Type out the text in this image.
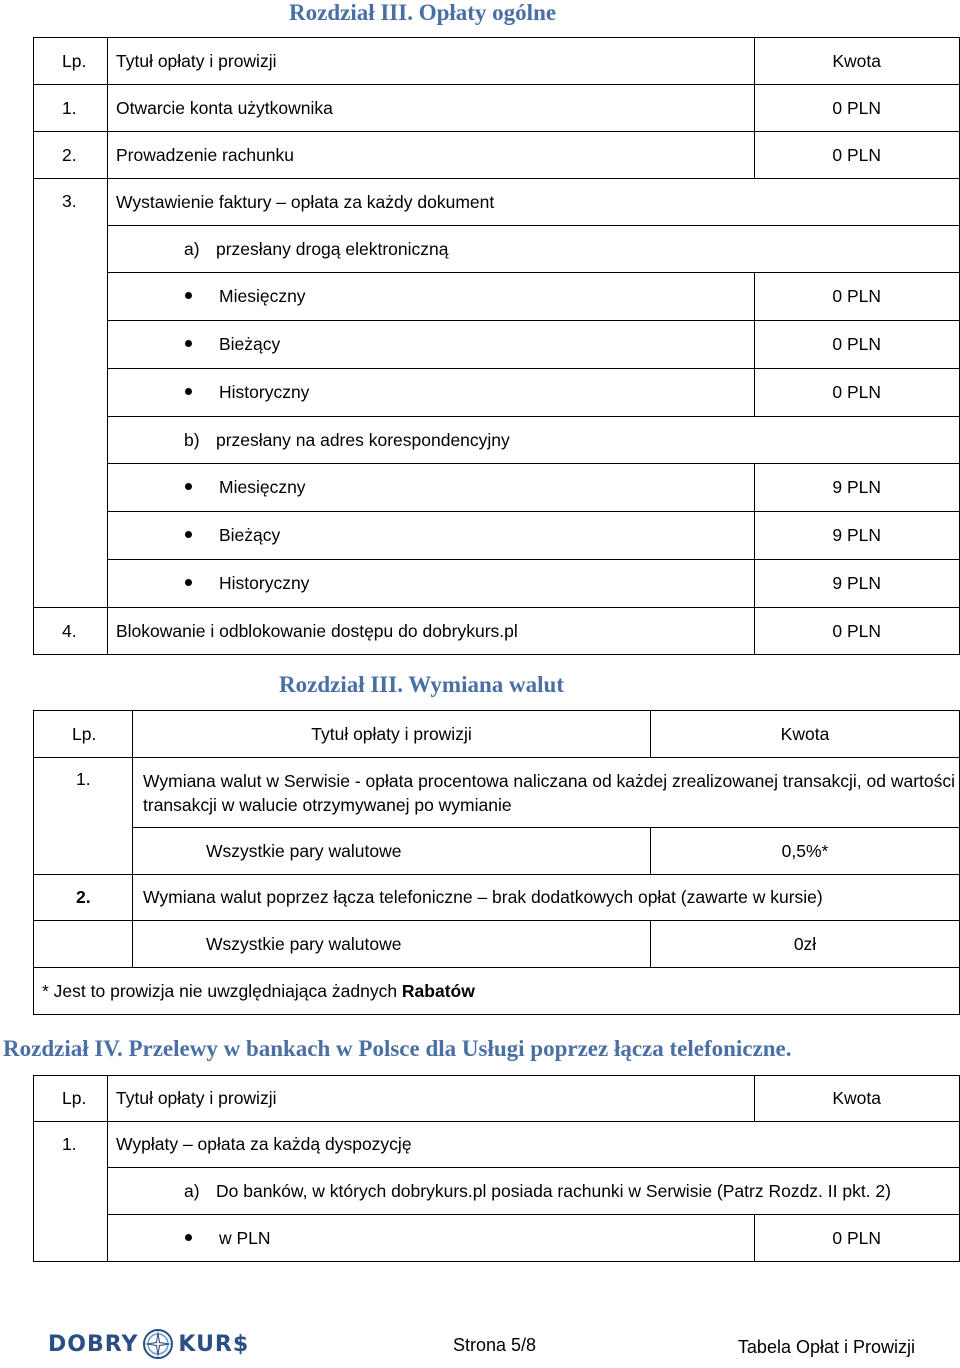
Rozdział III. Opłaty ogólne
Lp.	Tytuł opłaty i prowizji	Kwota
1.	Otwarcie konta użytkownika	0 PLN
2.	Prowadzenie rachunku	0 PLN
3.	Wystawienie faktury – opłata za każdy dokument	
	a) przesłany drogą elektroniczną	
	Miesięczny	0 PLN
	Bieżący	0 PLN
	Historyczny	0 PLN
	b) przesłany na adres korespondencyjny	
	Miesięczny	9 PLN
	Bieżący	9 PLN
	Historyczny	9 PLN
4.	Blokowanie i odblokowanie dostępu do dobrykurs.pl	0 PLN
Rozdział III. Wymiana walut
Lp.	Tytuł opłaty i prowizji	Kwota
1.	Wymiana walut w Serwisie - opłata procentowa naliczana od każdej zrealizowanej transakcji, od wartości transakcji w walucie otrzymywanej po wymianie	
	Wszystkie pary walutowe	0,5%*
2.	Wymiana walut poprzez łącza telefoniczne – brak dodatkowych opłat (zawarte w kursie)	
	Wszystkie pary walutowe	0zł
* Jest to prowizja nie uwzględniająca żadnych Rabatów		
Rozdział IV. Przelewy w bankach w Polsce dla Usługi poprzez łącza telefoniczne.
Lp.	Tytuł opłaty i prowizji	Kwota
1.	Wypłaty – opłata za każdą dyspozycję	
	a) Do banków, w których dobrykurs.pl posiada rachunki w Serwisie (Patrz Rozdz. II pkt. 2)	
	w PLN	0 PLN
DOBRY KUR$	Strona 5/8	Tabela Opłat i Prowizji
